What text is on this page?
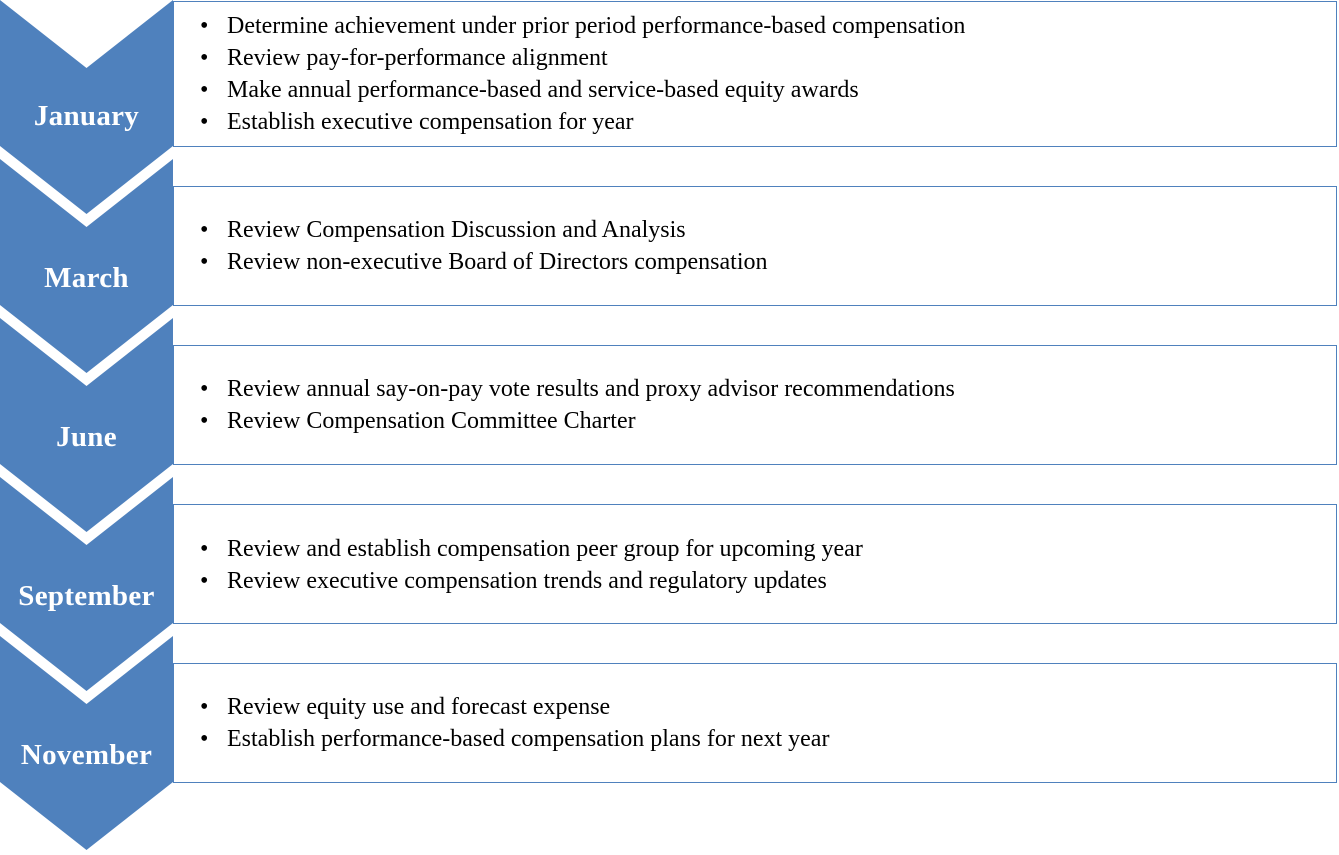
January
• Determine achievement under prior period performance-based compensation
• Review pay-for-performance alignment
• Make annual performance-based and service-based equity awards
• Establish executive compensation for year
March
• Review Compensation Discussion and Analysis
• Review non-executive Board of Directors compensation
June
• Review annual say-on-pay vote results and proxy advisor recommendations
• Review Compensation Committee Charter
September
• Review and establish compensation peer group for upcoming year
• Review executive compensation trends and regulatory updates
November
• Review equity use and forecast expense
• Establish performance-based compensation plans for next year
